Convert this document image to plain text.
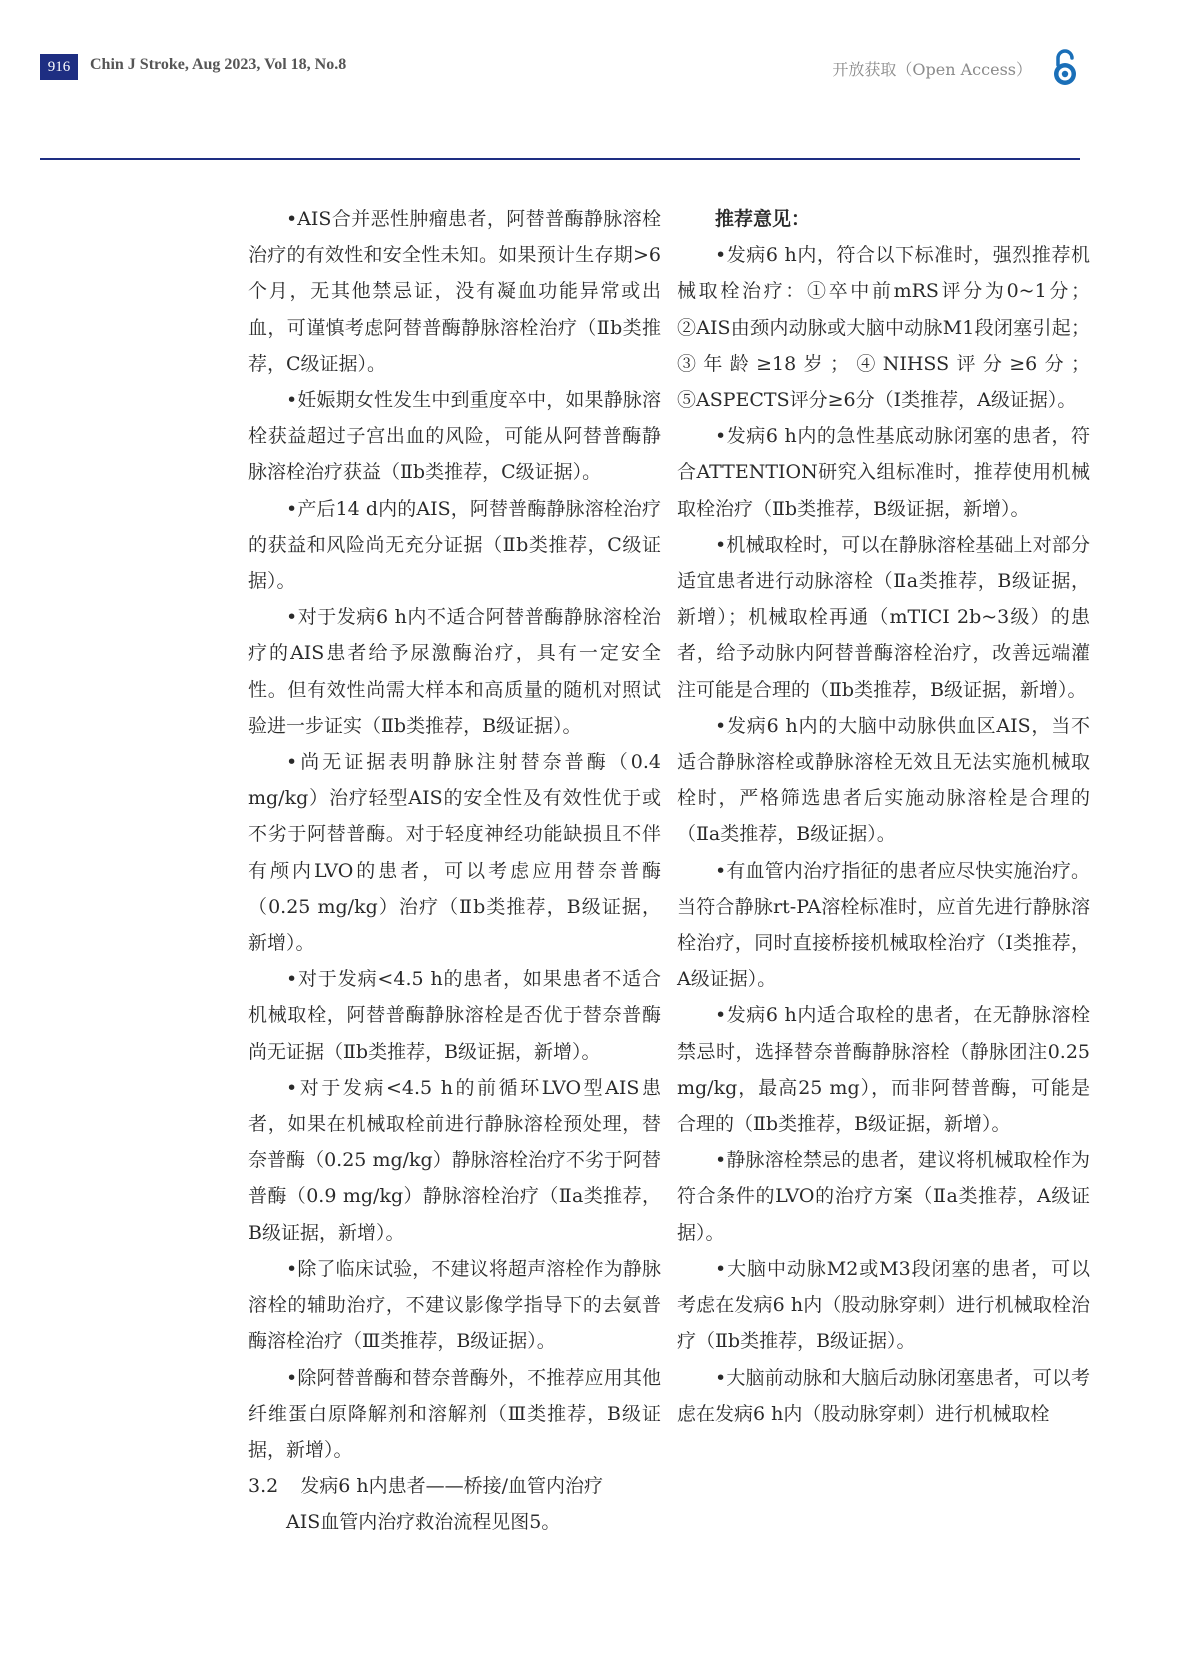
916	Chin J Stroke, Aug 2023, Vol 18, No.8	开放获取（Open Access）

•AIS合并恶性肿瘤患者，阿替普酶静脉溶栓治疗的有效性和安全性未知。如果预计生存期>6个月，无其他禁忌证，没有凝血功能异常或出血，可谨慎考虑阿替普酶静脉溶栓治疗（Ⅱb类推荐，C级证据）。

•妊娠期女性发生中到重度卒中，如果静脉溶栓获益超过子宫出血的风险，可能从阿替普酶静脉溶栓治疗获益（Ⅱb类推荐，C级证据）。

•产后14 d内的AIS，阿替普酶静脉溶栓治疗的获益和风险尚无充分证据（Ⅱb类推荐，C级证据）。

•对于发病6 h内不适合阿替普酶静脉溶栓治疗的AIS患者给予尿激酶治疗，具有一定安全性。但有效性尚需大样本和高质量的随机对照试验进一步证实（Ⅱb类推荐，B级证据）。

•尚无证据表明静脉注射替奈普酶（0.4 mg/kg）治疗轻型AIS的安全性及有效性优于或不劣于阿替普酶。对于轻度神经功能缺损且不伴有颅内LVO的患者，可以考虑应用替奈普酶（0.25 mg/kg）治疗（Ⅱb类推荐，B级证据，新增）。

•对于发病<4.5 h的患者，如果患者不适合机械取栓，阿替普酶静脉溶栓是否优于替奈普酶尚无证据（Ⅱb类推荐，B级证据，新增）。

•对于发病<4.5 h的前循环LVO型AIS患者，如果在机械取栓前进行静脉溶栓预处理，替奈普酶（0.25 mg/kg）静脉溶栓治疗不劣于阿替普酶（0.9 mg/kg）静脉溶栓治疗（Ⅱa类推荐，B级证据，新增）。

•除了临床试验，不建议将超声溶栓作为静脉溶栓的辅助治疗，不建议影像学指导下的去氨普酶溶栓治疗（Ⅲ类推荐，B级证据）。

•除阿替普酶和替奈普酶外，不推荐应用其他纤维蛋白原降解剂和溶解剂（Ⅲ类推荐，B级证据，新增）。

3.2 发病6 h内患者——桥接/血管内治疗

AIS血管内治疗救治流程见图5。

推荐意见：

•发病6 h内，符合以下标准时，强烈推荐机械取栓治疗：①卒中前mRS评分为0~1分；②AIS由颈内动脉或大脑中动脉M1段闭塞引起；③年龄≥18岁；④NIHSS评分≥6分；⑤ASPECTS评分≥6分（Ⅰ类推荐，A级证据）。

•发病6 h内的急性基底动脉闭塞的患者，符合ATTENTION研究入组标准时，推荐使用机械取栓治疗（Ⅱb类推荐，B级证据，新增）。

•机械取栓时，可以在静脉溶栓基础上对部分适宜患者进行动脉溶栓（Ⅱa类推荐，B级证据，新增）；机械取栓再通（mTICI 2b~3级）的患者，给予动脉内阿替普酶溶栓治疗，改善远端灌注可能是合理的（Ⅱb类推荐，B级证据，新增）。

•发病6 h内的大脑中动脉供血区AIS，当不适合静脉溶栓或静脉溶栓无效且无法实施机械取栓时，严格筛选患者后实施动脉溶栓是合理的（Ⅱa类推荐，B级证据）。

•有血管内治疗指征的患者应尽快实施治疗。当符合静脉rt-PA溶栓标准时，应首先进行静脉溶栓治疗，同时直接桥接机械取栓治疗（Ⅰ类推荐，A级证据）。

•发病6 h内适合取栓的患者，在无静脉溶栓禁忌时，选择替奈普酶静脉溶栓（静脉团注0.25 mg/kg，最高25 mg），而非阿替普酶，可能是合理的（Ⅱb类推荐，B级证据，新增）。

•静脉溶栓禁忌的患者，建议将机械取栓作为符合条件的LVO的治疗方案（Ⅱa类推荐，A级证据）。

•大脑中动脉M2或M3段闭塞的患者，可以考虑在发病6 h内（股动脉穿刺）进行机械取栓治疗（Ⅱb类推荐，B级证据）。

•大脑前动脉和大脑后动脉闭塞患者，可以考虑在发病6 h内（股动脉穿刺）进行机械取栓
